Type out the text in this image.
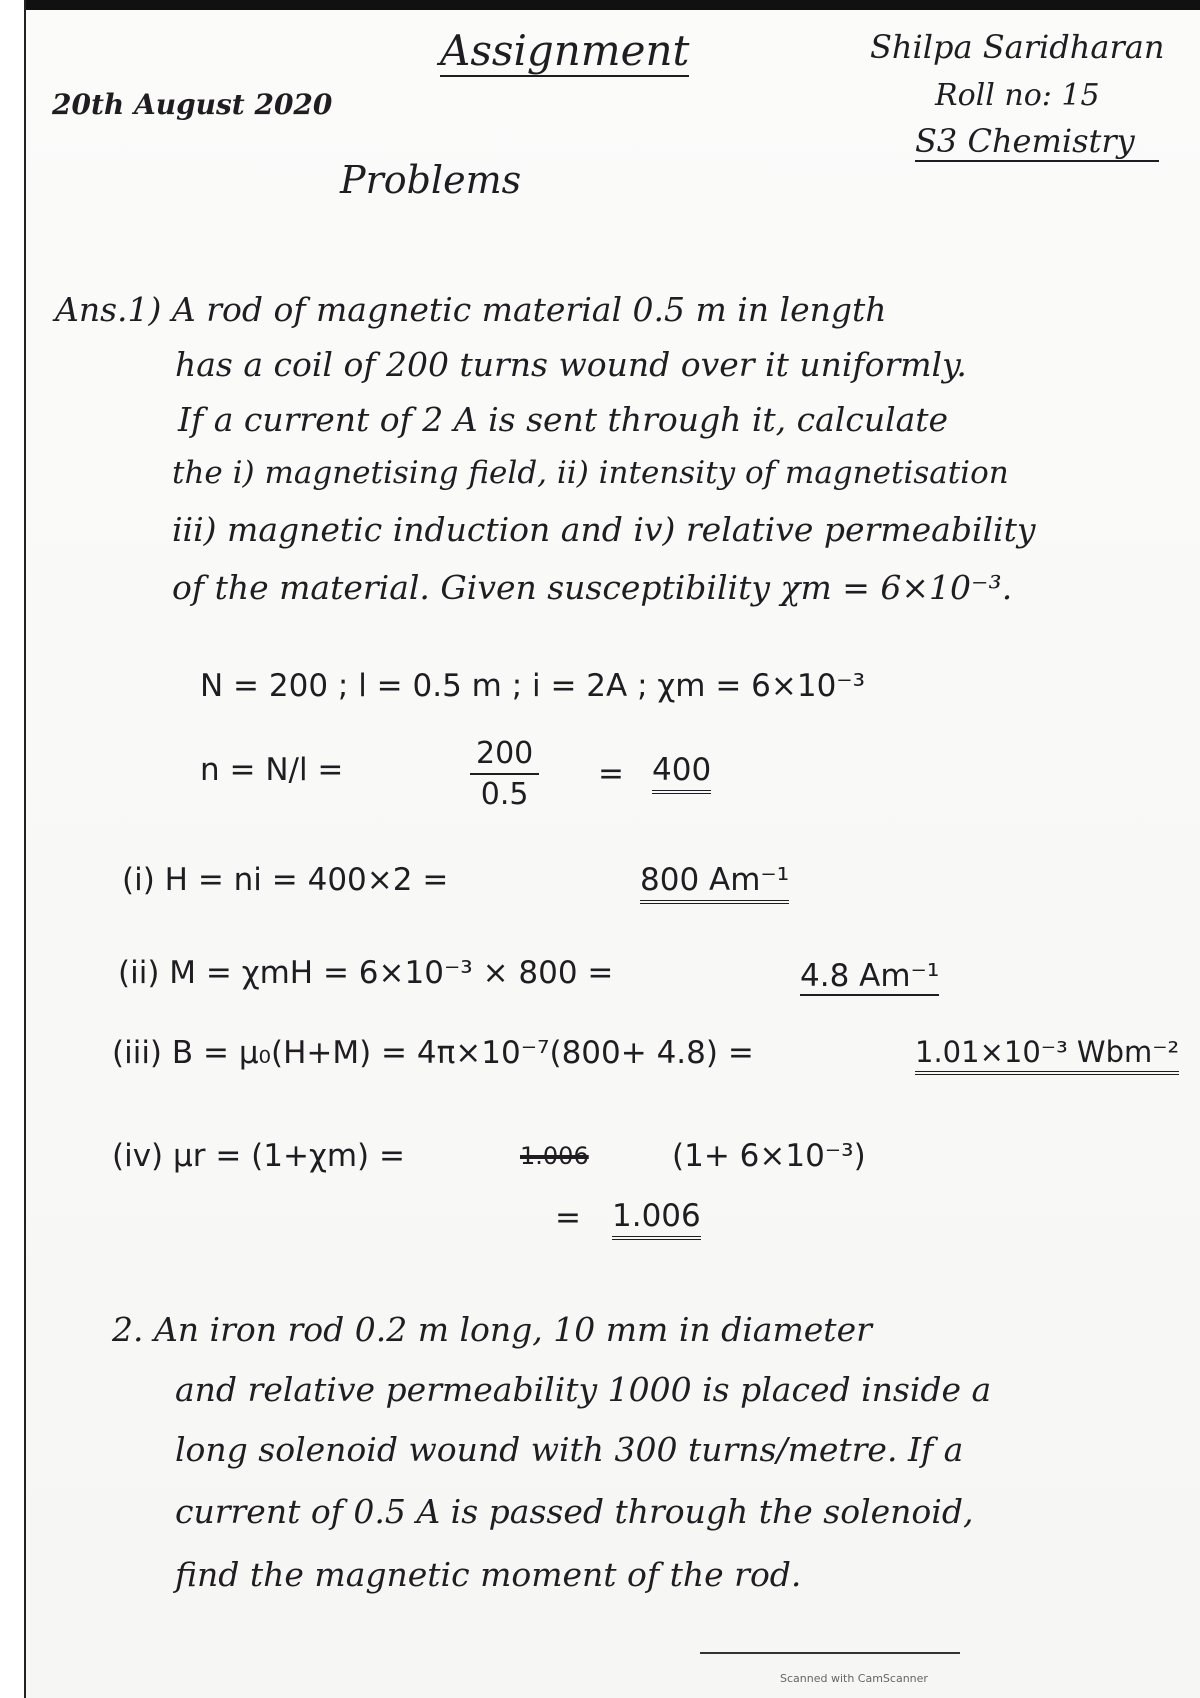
Assignment	Shilpa Saridharan
Roll no: 15
20th August 2020
S3 Chemistry
Problems
Ans.1) A rod of magnetic material 0.5 m in length
has a coil of 200 turns wound over it uniformly.
If a current of 2 A is sent through it, calculate
the i) magnetising field, ii) intensity of magnetisation
iii) magnetic induction and iv) relative permeability
of the material. Given susceptibility χm = 6×10⁻³.
N = 200 ; l = 0.5 m ; i = 2A ; χm = 6×10⁻³
n = N/l =	$\frac{200}{0.5} = 400$
(i) H = ni = 400×2 =	800 Am⁻¹
(ii) M = χmH = 6×10⁻³ × 800 =	4.8 Am⁻¹
(iii) B = μ₀(H+M) = 4π×10⁻⁷(800+ 4.8) =	1.01×10⁻³ Wbm⁻²
(iv) μr = (1+χm) =	1.006	(1+ 6×10⁻³)
= 1.006
2. An iron rod 0.2 m long, 10 mm in diameter
and relative permeability 1000 is placed inside a
long solenoid wound with 300 turns/metre. If a
current of 0.5 A is passed through the solenoid,
find the magnetic moment of the rod.
Scanned with CamScanner
